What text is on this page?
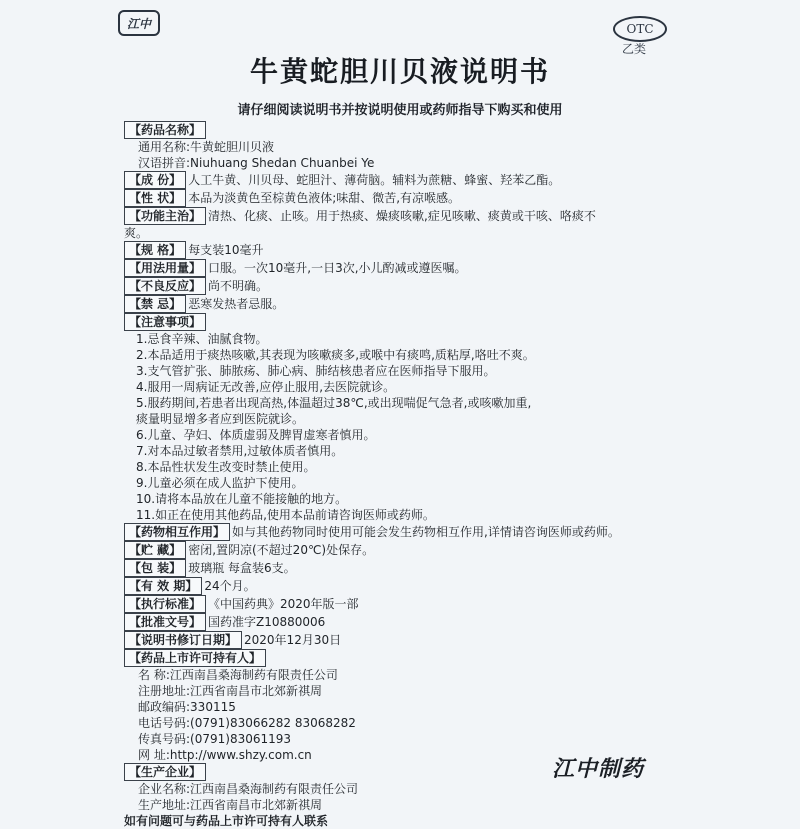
江中	OTC
乙类
牛黄蛇胆川贝液说明书
请仔细阅读说明书并按说明使用或药师指导下购买和使用

【药品名称】

通用名称:牛黄蛇胆川贝液

汉语拼音:Niuhuang Shedan Chuanbei Ye

【成 份】 人工牛黄、川贝母、蛇胆汁、薄荷脑。辅料为蔗糖、蜂蜜、羟苯乙酯。

【性 状】 本品为淡黄色至棕黄色液体;味甜、微苦,有凉喉感。

【功能主治】 清热、化痰、止咳。用于热痰、燥痰咳嗽,症见咳嗽、痰黄或干咳、咯痰不

爽。

【规 格】 每支装10毫升

【用法用量】 口服。一次10毫升,一日3次,小儿酌减或遵医嘱。

【不良反应】 尚不明确。

【禁 忌】 恶寒发热者忌服。

【注意事项】

1.忌食辛辣、油腻食物。

2.本品适用于痰热咳嗽,其表现为咳嗽痰多,或喉中有痰鸣,质粘厚,咯吐不爽。

3.支气管扩张、肺脓疡、肺心病、肺结核患者应在医师指导下服用。

4.服用一周病证无改善,应停止服用,去医院就诊。

5.服药期间,若患者出现高热,体温超过38℃,或出现喘促气急者,或咳嗽加重,

痰量明显增多者应到医院就诊。

6.儿童、孕妇、体质虚弱及脾胃虚寒者慎用。

7.对本品过敏者禁用,过敏体质者慎用。

8.本品性状发生改变时禁止使用。

9.儿童必须在成人监护下使用。

10.请将本品放在儿童不能接触的地方。

11.如正在使用其他药品,使用本品前请咨询医师或药师。

【药物相互作用】 如与其他药物同时使用可能会发生药物相互作用,详情请咨询医师或药师。

【贮 藏】 密闭,置阴凉(不超过20℃)处保存。

【包 装】 玻璃瓶 每盒装6支。

【有 效 期】 24个月。

【执行标准】 《中国药典》2020年版一部

【批准文号】 国药准字Z10880006

【说明书修订日期】 2020年12月30日

【药品上市许可持有人】

名 称:江西南昌桑海制药有限责任公司

注册地址:江西省南昌市北郊新祺周

邮政编码:330115

电话号码:(0791)83066282 83068282

传真号码:(0791)83061193

网 址:http://www.shzy.com.cn

【生产企业】

企业名称:江西南昌桑海制药有限责任公司

生产地址:江西省南昌市北郊新祺周

如有问题可与药品上市许可持有人联系

江中制药
